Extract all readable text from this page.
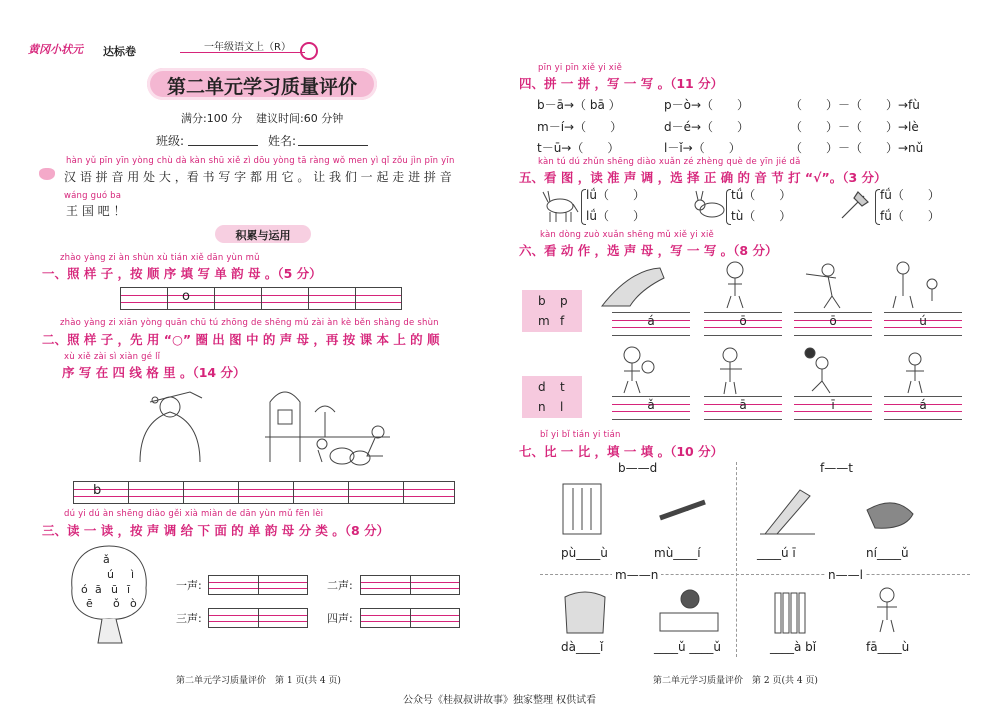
黄冈小状元	达标卷	一年级语文上（R）
第二单元学习质量评价
满分:100 分 建议时间:60 分钟
班级:	姓名:
hàn yǔ pīn yīn yòng chù dà kàn shū xiě zì dōu yòng tā ràng wǒ men yì qǐ zǒu jìn pīn yīn
汉 语 拼 音 用 处 大 ，看 书 写 字 都 用 它 。 让 我 们 一 起 走 进 拼 音
wáng guó ba
王 国 吧 ！
积累与运用
zhào yàng zi àn shùn xù tián xiě dān yùn mǔ
一、照 样 子 ，按 顺 序 填 写 单 韵 母 。（5 分）
o
zhào yàng zi xiān yòng quān chū tú zhōng de shēng mǔ zài àn kè běn shàng de shùn
二、照 样 子 ，先 用 “○” 圈 出 图 中 的 声 母 ，再 按 课 本 上 的 顺
xù xiě zài sì xiàn gé lǐ
序 写 在 四 线 格 里 。（14 分）
b
dú yi dú àn shēng diào gěi xià miàn de dān yùn mǔ fēn lèi
三、读 一 读 ，按 声 调 给 下 面 的 单 韵 母 分 类 。（8 分）
ǎ
ú ì
ó ā ū ī
ǒ
ē	ò
一声:	二声:
三声:	四声:
第二单元学习质量评价　第 1 页(共 4 页)
pīn yi pīn xiě yi xiě
四、拼 一 拼 ，写 一 写 。（11 分）
b－ā→（ bā ）	p－ò→（　　）	（　　）－（　　）→fù
m－í→（　　）	d－é→（　　）	（　　）－（　　）→lè
t－ū→（　　）	l－ǐ→（　　）	（　　）－（　　）→nǔ
kàn tú dú zhǔn shēng diào xuǎn zé zhèng què de yīn jié dǎ
五、看 图 ，读 准 声 调 ，选 择 正 确 的 音 节 打 “√”。（3 分）
lǘ（　　）
lǘ（　　）
tǘ（　　）
tù（　　）
fǘ（　　）
fǘ（　　）
kàn dòng zuò xuǎn shēng mǔ xiě yi xiě
六、看 动 作 ，选 声 母 ，写 一 写 。（8 分）
b p
m f
d t
n l
á	ō	ō	ú
ǎ	ā	ī	á
bǐ yi bǐ tián yi tián
七、比 一 比 ，填 一 填 。（10 分）
b——d	f——t
m——n	n——l
pù____ù	mù____í	____ú ī	ní____ǔ
dà____ǐ	____ǔ ____ǔ	____à bǐ	fā____ù
第二单元学习质量评价　第 2 页(共 4 页)
公众号《桂叔叔讲故事》独家整理 权供试看
